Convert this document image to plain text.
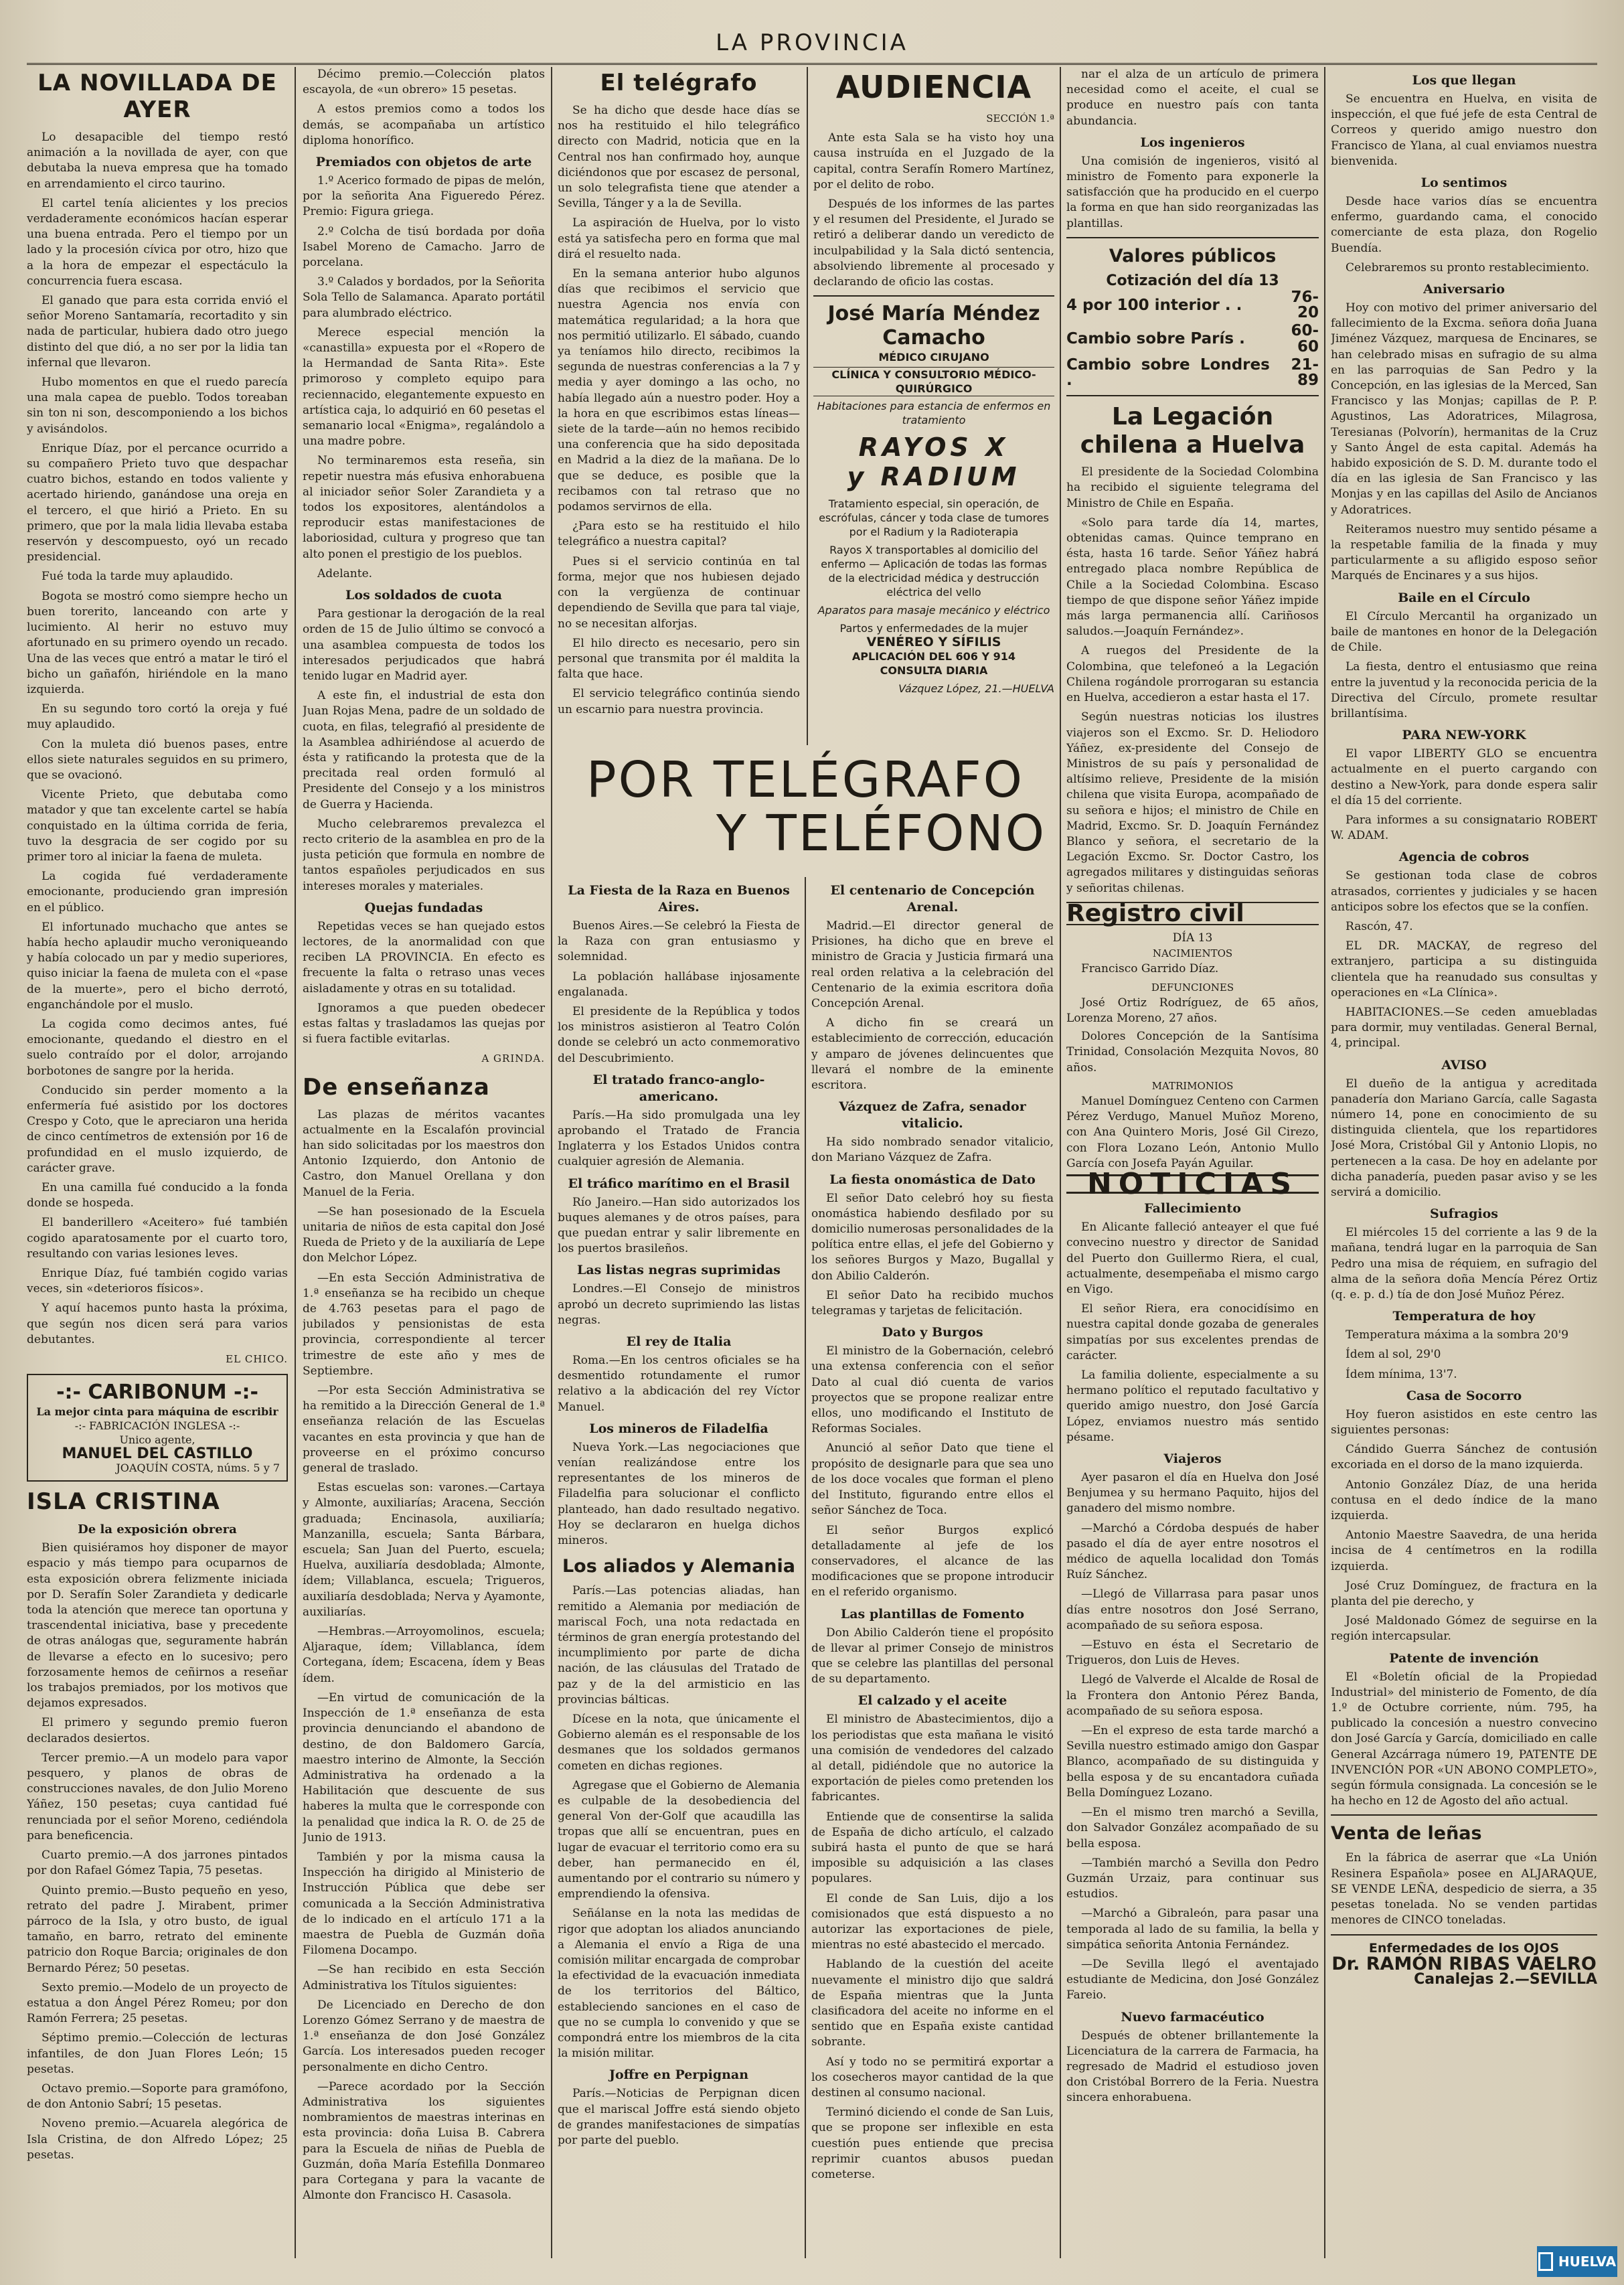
LA PROVINCIA
LA NOVILLADA DE AYER

Lo desapacible del tiempo restó animación a la novillada de ayer, con que debutaba la nueva empresa que ha tomado en arrendamiento el circo taurino.

El cartel tenía alicientes y los precios verdaderamente económicos hacían esperar una buena entrada. Pero el tiempo por un lado y la procesión cívica por otro, hizo que a la hora de empezar el espectáculo la concurrencia fuera escasa.

El ganado que para esta corrida envió el señor Moreno Santamaría, recortadito y sin nada de particular, hubiera dado otro juego distinto del que dió, a no ser por la lidia tan infernal que llevaron.

Hubo momentos en que el ruedo parecía una mala capea de pueblo. Todos toreaban sin ton ni son, descomponiendo a los bichos y avisándolos.

Enrique Díaz, por el percance ocurrido a su compañero Prieto tuvo que despachar cuatro bichos, estando en todos valiente y acertado hiriendo, ganándose una oreja en el tercero, el que hirió a Prieto. En su primero, que por la mala lidia llevaba estaba reservón y descompuesto, oyó un recado presidencial.

Fué toda la tarde muy aplaudido.

Bogota se mostró como siempre hecho un buen torerito, lanceando con arte y lucimiento. Al herir no estuvo muy afortunado en su primero oyendo un recado. Una de las veces que entró a matar le tiró el bicho un gañafón, hiriéndole en la mano izquierda.

En su segundo toro cortó la oreja y fué muy aplaudido.

Con la muleta dió buenos pases, entre ellos siete naturales seguidos en su primero, que se ovacionó.

Vicente Prieto, que debutaba como matador y que tan excelente cartel se había conquistado en la última corrida de feria, tuvo la desgracia de ser cogido por su primer toro al iniciar la faena de muleta.

La cogida fué verdaderamente emocionante, produciendo gran impresión en el público.

El infortunado muchacho que antes se había hecho aplaudir mucho veroniqueando y había colocado un par y medio superiores, quiso iniciar la faena de muleta con el «pase de la muerte», pero el bicho derrotó, enganchándole por el muslo.

La cogida como decimos antes, fué emocionante, quedando el diestro en el suelo contraído por el dolor, arrojando borbotones de sangre por la herida.

Conducido sin perder momento a la enfermería fué asistido por los doctores Crespo y Coto, que le apreciaron una herida de cinco centímetros de extensión por 16 de profundidad en el muslo izquierdo, de carácter grave.

En una camilla fué conducido a la fonda donde se hospeda.

El banderillero «Aceitero» fué también cogido aparatosamente por el cuarto toro, resultando con varias lesiones leves.

Enrique Díaz, fué también cogido varias veces, sin «deterioros físicos».

Y aquí hacemos punto hasta la próxima, que según nos dicen será para varios debutantes.

EL CHICO.
-:- CARIBONUM -:-
La mejor cinta para máquina de escribir
-:- FABRICACIÓN INGLESA -:-
Unico agente,
MANUEL DEL CASTILLO
JOAQUÍN COSTA, núms. 5 y 7
ISLA CRISTINA
De la exposición obrera

Bien quisiéramos hoy disponer de mayor espacio y más tiempo para ocuparnos de esta exposición obrera felizmente iniciada por D. Serafín Soler Zarandieta y dedicarle toda la atención que merece tan oportuna y trascendental iniciativa, base y precedente de otras análogas que, seguramente habrán de llevarse a efecto en lo sucesivo; pero forzosamente hemos de ceñirnos a reseñar los trabajos premiados, por los motivos que dejamos expresados.

El primero y segundo premio fueron declarados desiertos.

Tercer premio.—A un modelo para vapor pesquero, y planos de obras de construcciones navales, de don Julio Moreno Yáñez, 150 pesetas; cuya cantidad fué renunciada por el señor Moreno, cediéndola para beneficencia.

Cuarto premio.—A dos jarrones pintados por don Rafael Gómez Tapia, 75 pesetas.

Quinto premio.—Busto pequeño en yeso, retrato del padre J. Mirabent, primer párroco de la Isla, y otro busto, de igual tamaño, en barro, retrato del eminente patricio don Roque Barcia; originales de don Bernardo Pérez; 50 pesetas.

Sexto premio.—Modelo de un proyecto de estatua a don Ángel Pérez Romeu; por don Ramón Ferrera; 25 pesetas.

Séptimo premio.—Colección de lecturas infantiles, de don Juan Flores León; 15 pesetas.

Octavo premio.—Soporte para gramófono, de don Antonio Sabrí; 15 pesetas.

Noveno premio.—Acuarela alegórica de Isla Cristina, de don Alfredo López; 25 pesetas.

Décimo premio.—Colección platos escayola, de «un obrero» 15 pesetas.

A estos premios como a todos los demás, se acompañaba un artístico diploma honorífico.

Premiados con objetos de arte

1.º Acerico formado de pipas de melón, por la señorita Ana Figueredo Pérez. Premio: Figura griega.

2.º Colcha de tisú bordada por doña Isabel Moreno de Camacho. Jarro de porcelana.

3.º Calados y bordados, por la Señorita Sola Tello de Salamanca. Aparato portátil para alumbrado eléctrico.

Merece especial mención la «canastilla» expuesta por el «Ropero de la Hermandad de Santa Rita». Este primoroso y completo equipo para reciennacido, elegantemente expuesto en artística caja, lo adquirió en 60 pesetas el semanario local «Enigma», regalándolo a una madre pobre.

No terminaremos esta reseña, sin repetir nuestra más efusiva enhorabuena al iniciador señor Soler Zarandieta y a todos los expositores, alentándolos a reproducir estas manifestaciones de laboriosidad, cultura y progreso que tan alto ponen el prestigio de los pueblos.

Adelante.

Los soldados de cuota

Para gestionar la derogación de la real orden de 15 de Julio último se convocó a una asamblea compuesta de todos los interesados perjudicados que habrá tenido lugar en Madrid ayer.

A este fin, el industrial de esta don Juan Rojas Mena, padre de un soldado de cuota, en filas, telegrafió al presidente de la Asamblea adhiriéndose al acuerdo de ésta y ratificando la protesta que de la precitada real orden formuló al Presidente del Consejo y a los ministros de Guerra y Hacienda.

Mucho celebraremos prevalezca el recto criterio de la asamblea en pro de la justa petición que formula en nombre de tantos españoles perjudicados en sus intereses morales y materiales.

Quejas fundadas

Repetidas veces se han quejado estos lectores, de la anormalidad con que reciben LA PROVINCIA. En efecto es frecuente la falta o retraso unas veces aisladamente y otras en su totalidad.

Ignoramos a que pueden obedecer estas faltas y trasladamos las quejas por si fuera factible evitarlas.

A GRINDA.
De enseñanza

Las plazas de méritos vacantes actualmente en la Escalafón provincial han sido solicitadas por los maestros don Antonio Izquierdo, don Antonio de Castro, don Manuel Orellana y don Manuel de la Feria.

—Se han posesionado de la Escuela unitaria de niños de esta capital don José Rueda de Prieto y de la auxiliaría de Lepe don Melchor López.

—En esta Sección Administrativa de 1.ª enseñanza se ha recibido un cheque de 4.763 pesetas para el pago de jubilados y pensionistas de esta provincia, correspondiente al tercer trimestre de este año y mes de Septiembre.

—Por esta Sección Administrativa se ha remitido a la Dirección General de 1.ª enseñanza relación de las Escuelas vacantes en esta provincia y que han de proveerse en el próximo concurso general de traslado.

Estas escuelas son: varones.—Cartaya y Almonte, auxiliarías; Aracena, Sección graduada; Encinasola, auxiliaría; Manzanilla, escuela; Santa Bárbara, escuela; San Juan del Puerto, escuela; Huelva, auxiliaría desdoblada; Almonte, ídem; Villablanca, escuela; Trigueros, auxiliaría desdoblada; Nerva y Ayamonte, auxiliarías.

—Hembras.—Arroyomolinos, escuela; Aljaraque, ídem; Villablanca, ídem Cortegana, ídem; Escacena, ídem y Beas ídem.

—En virtud de comunicación de la Inspección de 1.ª enseñanza de esta provincia denunciando el abandono de destino, de don Baldomero García, maestro interino de Almonte, la Sección Administrativa ha ordenado a la Habilitación que descuente de sus haberes la multa que le corresponde con la penalidad que indica la R. O. de 25 de Junio de 1913.

También y por la misma causa la Inspección ha dirigido al Ministerio de Instrucción Pública que debe ser comunicada a la Sección Administrativa de lo indicado en el artículo 171 a la maestra de Puebla de Guzmán doña Filomena Docampo.

—Se han recibido en esta Sección Administrativa los Títulos siguientes:

De Licenciado en Derecho de don Lorenzo Gómez Serrano y de maestra de 1.ª enseñanza de don José González García. Los interesados pueden recoger personalmente en dicho Centro.

—Parece acordado por la Sección Administrativa los siguientes nombramientos de maestras interinas en esta provincia: doña Luisa B. Cabrera para la Escuela de niñas de Puebla de Guzmán, doña María Estefilla Donmareo para Cortegana y para la vacante de Almonte don Francisco H. Casasola.

El telégrafo

Se ha dicho que desde hace días se nos ha restituido el hilo telegráfico directo con Madrid, noticia que en la Central nos han confirmado hoy, aunque diciéndonos que por escasez de personal, un solo telegrafista tiene que atender a Sevilla, Tánger y a la de Sevilla.

La aspiración de Huelva, por lo visto está ya satisfecha pero en forma que mal dirá el resuelto nada.

En la semana anterior hubo algunos días que recibimos el servicio que nuestra Agencia nos envía con matemática regularidad; a la hora que nos permitió utilizarlo. El sábado, cuando ya teníamos hilo directo, recibimos la segunda de nuestras conferencias a la 7 y media y ayer domingo a las ocho, no había llegado aún a nuestro poder. Hoy a la hora en que escribimos estas líneas—siete de la tarde—aún no hemos recibido una conferencia que ha sido depositada en Madrid a la diez de la mañana. De lo que se deduce, es posible que la recibamos con tal retraso que no podamos servirnos de ella.

¿Para esto se ha restituido el hilo telegráfico a nuestra capital?

Pues si el servicio continúa en tal forma, mejor que nos hubiesen dejado con la vergüenza de continuar dependiendo de Sevilla que para tal viaje, no se necesitan alforjas.

El hilo directo es necesario, pero sin personal que transmita por él maldita la falta que hace.

El servicio telegráfico continúa siendo un escarnio para nuestra provincia.

AUDIENCIA
SECCIÓN 1.ª

Ante esta Sala se ha visto hoy una causa instruída en el Juzgado de la capital, contra Serafín Romero Martínez, por el delito de robo.

Después de los informes de las partes y el resumen del Presidente, el Jurado se retiró a deliberar dando un veredicto de inculpabilidad y la Sala dictó sentencia, absolviendo libremente al procesado y declarando de oficio las costas.

José María Méndez Camacho
MÉDICO CIRUJANO
CLÍNICA Y CONSULTORIO MÉDICO-QUIRÚRGICO
Habitaciones para estancia de enfermos en tratamiento
RAYOS X
y RADIUM
Tratamiento especial, sin operación, de escrófulas, cáncer y toda clase de tumores por el Radium y la Radioterapia
Rayos X transportables al domicilio del enfermo — Aplicación de todas las formas de la electricidad médica y destrucción eléctrica del vello
Aparatos para masaje mecánico y eléctrico
Partos y enfermedades de la mujer
VENÉREO Y SÍFILIS
APLICACIÓN DEL 606 Y 914
CONSULTA DIARIA
Vázquez López, 21.—HUELVA
POR TELÉGRAFO
Y TELÉFONO
La Fiesta de la Raza en Buenos Aires.

Buenos Aires.—Se celebró la Fiesta de la Raza con gran entusiasmo y solemnidad.

La población hallábase injosamente engalanada.

El presidente de la República y todos los ministros asistieron al Teatro Colón donde se celebró un acto conmemorativo del Descubrimiento.

El tratado franco-anglo-americano.

París.—Ha sido promulgada una ley aprobando el Tratado de Francia Inglaterra y los Estados Unidos contra cualquier agresión de Alemania.

El tráfico marítimo en el Brasil

Río Janeiro.—Han sido autorizados los buques alemanes y de otros países, para que puedan entrar y salir libremente en los puertos brasileños.

Las listas negras suprimidas

Londres.—El Consejo de ministros aprobó un decreto suprimiendo las listas negras.

El rey de Italia

Roma.—En los centros oficiales se ha desmentido rotundamente el rumor relativo a la abdicación del rey Víctor Manuel.

Los mineros de Filadelfia

Nueva York.—Las negociaciones que venían realizándose entre los representantes de los mineros de Filadelfia para solucionar el conflicto planteado, han dado resultado negativo. Hoy se declararon en huelga dichos mineros.

Los aliados y Alemania

París.—Las potencias aliadas, han remitido a Alemania por mediación de mariscal Foch, una nota redactada en términos de gran energía protestando del incumplimiento por parte de dicha nación, de las cláusulas del Tratado de paz y de la del armisticio en las provincias bálticas.

Dícese en la nota, que únicamente el Gobierno alemán es el responsable de los desmanes que los soldados germanos cometen en dichas regiones.

Agregase que el Gobierno de Alemania es culpable de la desobediencia del general Von der-Golf que acaudilla las tropas que allí se encuentran, pues en lugar de evacuar el territorio como era su deber, han permanecido en él, aumentando por el contrario su número y emprendiendo la ofensiva.

Señálanse en la nota las medidas de rigor que adoptan los aliados anunciando a Alemania el envío a Riga de una comisión militar encargada de comprobar la efectividad de la evacuación inmediata de los territorios del Báltico, estableciendo sanciones en el caso de que no se cumpla lo convenido y que se compondrá entre los miembros de la cita la misión militar.

Joffre en Perpignan

París.—Noticias de Perpignan dicen que el mariscal Joffre está siendo objeto de grandes manifestaciones de simpatías por parte del pueblo.

El centenario de Concepción Arenal.

Madrid.—El director general de Prisiones, ha dicho que en breve el ministro de Gracia y Justicia firmará una real orden relativa a la celebración del Centenario de la eximia escritora doña Concepción Arenal.

A dicho fin se creará un establecimiento de corrección, educación y amparo de jóvenes delincuentes que llevará el nombre de la eminente escritora.

Vázquez de Zafra, senador vitalicio.

Ha sido nombrado senador vitalicio, don Mariano Vázquez de Zafra.

La fiesta onomástica de Dato

El señor Dato celebró hoy su fiesta onomástica habiendo desfilado por su domicilio numerosas personalidades de la política entre ellas, el jefe del Gobierno y los señores Burgos y Mazo, Bugallal y don Abilio Calderón.

El señor Dato ha recibido muchos telegramas y tarjetas de felicitación.

Dato y Burgos

El ministro de la Gobernación, celebró una extensa conferencia con el señor Dato al cual dió cuenta de varios proyectos que se propone realizar entre ellos, uno modificando el Instituto de Reformas Sociales.

Anunció al señor Dato que tiene el propósito de designarle para que sea uno de los doce vocales que forman el pleno del Instituto, figurando entre ellos el señor Sánchez de Toca.

El señor Burgos explicó detalladamente al jefe de los conservadores, el alcance de las modificaciones que se propone introducir en el referido organismo.

Las plantillas de Fomento

Don Abilio Calderón tiene el propósito de llevar al primer Consejo de ministros que se celebre las plantillas del personal de su departamento.

El calzado y el aceite

El ministro de Abastecimientos, dijo a los periodistas que esta mañana le visitó una comisión de vendedores del calzado al detall, pidiéndole que no autorice la exportación de pieles como pretenden los fabricantes.

Entiende que de consentirse la salida de España de dicho artículo, el calzado subirá hasta el punto de que se hará imposible su adquisición a las clases populares.

El conde de San Luis, dijo a los comisionados que está dispuesto a no autorizar las exportaciones de piele, mientras no esté abastecido el mercado.

Hablando de la cuestión del aceite nuevamente el ministro dijo que saldrá de España mientras que la Junta clasificadora del aceite no informe en el sentido que en España existe cantidad sobrante.

Así y todo no se permitirá exportar a los cosecheros mayor cantidad de la que destinen al consumo nacional.

Terminó diciendo el conde de San Luis, que se propone ser inflexible en esta cuestión pues entiende que precisa reprimir cuantos abusos puedan cometerse.

nar el alza de un artículo de primera necesidad como el aceite, el cual se produce en nuestro país con tanta abundancia.

Los ingenieros

Una comisión de ingenieros, visitó al ministro de Fomento para exponerle la satisfacción que ha producido en el cuerpo la forma en que han sido reorganizadas las plantillas.

Valores públicos
Cotización del día 13
4 por 100 interior . .	76-20
Cambio sobre París .	60-60
Cambio sobre Londres .	21-89
La Legación chilena a Huelva

El presidente de la Sociedad Colombina ha recibido el siguiente telegrama del Ministro de Chile en España.

«Solo para tarde día 14, martes, obtenidas camas. Quince temprano en ésta, hasta 16 tarde. Señor Yáñez habrá entregado placa nombre República de Chile a la Sociedad Colombina. Escaso tiempo de que dispone señor Yáñez impide más larga permanencia allí. Cariñosos saludos.—Joaquín Fernández».

A ruegos del Presidente de la Colombina, que telefoneó a la Legación Chilena rogándole prorrogaran su estancia en Huelva, accedieron a estar hasta el 17.

Según nuestras noticias los ilustres viajeros son el Excmo. Sr. D. Heliodoro Yáñez, ex-presidente del Consejo de Ministros de su país y personalidad de altísimo relieve, Presidente de la misión chilena que visita Europa, acompañado de su señora e hijos; el ministro de Chile en Madrid, Excmo. Sr. D. Joaquín Fernández Blanco y señora, el secretario de la Legación Excmo. Sr. Doctor Castro, los agregados militares y distinguidas señoras y señoritas chilenas.

Registro civil
DÍA 13
NACIMIENTOS

Francisco Garrido Díaz.

DEFUNCIONES

José Ortiz Rodríguez, de 65 años, Lorenza Moreno, 27 años.

Dolores Concepción de la Santísima Trinidad, Consolación Mezquita Novos, 80 años.

MATRIMONIOS

Manuel Domínguez Centeno con Carmen Pérez Verdugo, Manuel Muñoz Moreno, con Ana Quintero Moris, José Gil Cirezo, con Flora Lozano León, Antonio Mullo García con Josefa Payán Aguilar.

NOTICIAS
Fallecimiento

En Alicante falleció anteayer el que fué convecino nuestro y director de Sanidad del Puerto don Guillermo Riera, el cual, actualmente, desempeñaba el mismo cargo en Vigo.

El señor Riera, era conocidísimo en nuestra capital donde gozaba de generales simpatías por sus excelentes prendas de carácter.

La familia doliente, especialmente a su hermano político el reputado facultativo y querido amigo nuestro, don José García López, enviamos nuestro más sentido pésame.

Viajeros

Ayer pasaron el día en Huelva don José Benjumea y su hermano Paquito, hijos del ganadero del mismo nombre.

—Marchó a Córdoba después de haber pasado el día de ayer entre nosotros el médico de aquella localidad don Tomás Ruíz Sánchez.

—Llegó de Villarrasa para pasar unos días entre nosotros don José Serrano, acompañado de su señora esposa.

—Estuvo en ésta el Secretario de Trigueros, don Luis de Heves.

Llegó de Valverde el Alcalde de Rosal de la Frontera don Antonio Pérez Banda, acompañado de su señora esposa.

—En el expreso de esta tarde marchó a Sevilla nuestro estimado amigo don Gaspar Blanco, acompañado de su distinguida y bella esposa y de su encantadora cuñada Bella Domínguez Lozano.

—En el mismo tren marchó a Sevilla, don Salvador González acompañado de su bella esposa.

—También marchó a Sevilla don Pedro Guzmán Urzaiz, para continuar sus estudios.

—Marchó a Gibraleón, para pasar una temporada al lado de su familia, la bella y simpática señorita Antonia Fernández.

—De Sevilla llegó el aventajado estudiante de Medicina, don José González Fareio.

Nuevo farmacéutico

Después de obtener brillantemente la Licenciatura de la carrera de Farmacia, ha regresado de Madrid el estudioso joven don Cristóbal Borrero de la Feria. Nuestra sincera enhorabuena.

Los que llegan

Se encuentra en Huelva, en visita de inspección, el que fué jefe de esta Central de Correos y querido amigo nuestro don Francisco de Ylana, al cual enviamos nuestra bienvenida.

Lo sentimos

Desde hace varios días se encuentra enfermo, guardando cama, el conocido comerciante de esta plaza, don Rogelio Buendía.

Celebraremos su pronto restablecimiento.

Aniversario

Hoy con motivo del primer aniversario del fallecimiento de la Excma. señora doña Juana Jiménez Vázquez, marquesa de Encinares, se han celebrado misas en sufragio de su alma en las parroquias de San Pedro y la Concepción, en las iglesias de la Merced, San Francisco y las Monjas; capillas de P. P. Agustinos, Las Adoratrices, Milagrosa, Teresianas (Polvorín), hermanitas de la Cruz y Santo Ángel de esta capital. Además ha habido exposición de S. D. M. durante todo el día en las iglesia de San Francisco y las Monjas y en las capillas del Asilo de Ancianos y Adoratrices.

Reiteramos nuestro muy sentido pésame a la respetable familia de la finada y muy particularmente a su afligido esposo señor Marqués de Encinares y a sus hijos.

Baile en el Círculo

El Círculo Mercantil ha organizado un baile de mantones en honor de la Delegación de Chile.

La fiesta, dentro el entusiasmo que reina entre la juventud y la reconocida pericia de la Directiva del Círculo, promete resultar brillantísima.

PARA NEW-YORK

El vapor LIBERTY GLO se encuentra actualmente en el puerto cargando con destino a New-York, para donde espera salir el día 15 del corriente.

Para informes a su consignatario ROBERT W. ADAM.

Agencia de cobros

Se gestionan toda clase de cobros atrasados, corrientes y judiciales y se hacen anticipos sobre los efectos que se la confíen.

Rascón, 47.

EL DR. MACKAY, de regreso del extranjero, participa a su distinguida clientela que ha reanudado sus consultas y operaciones en «La Clínica».

HABITACIONES.—Se ceden amuebladas para dormir, muy ventiladas. General Bernal, 4, principal.

AVISO

El dueño de la antigua y acreditada panadería don Mariano García, calle Sagasta número 14, pone en conocimiento de su distinguida clientela, que los repartidores José Mora, Cristóbal Gil y Antonio Llopis, no pertenecen a la casa. De hoy en adelante por dicha panadería, pueden pasar aviso y se les servirá a domicilio.

Sufragios

El miércoles 15 del corriente a las 9 de la mañana, tendrá lugar en la parroquia de San Pedro una misa de réquiem, en sufragio del alma de la señora doña Mencía Pérez Ortiz (q. e. p. d.) tía de don José Muñoz Pérez.

Temperatura de hoy

Temperatura máxima a la sombra 20'9

Ídem al sol, 29'0

Ídem mínima, 13'7.

Casa de Socorro

Hoy fueron asistidos en este centro las siguientes personas:

Cándido Guerra Sánchez de contusión excoriada en el dorso de la mano izquierda.

Antonio González Díaz, de una herida contusa en el dedo índice de la mano izquierda.

Antonio Maestre Saavedra, de una herida incisa de 4 centímetros en la rodilla izquierda.

José Cruz Domínguez, de fractura en la planta del pie derecho, y

José Maldonado Gómez de seguirse en la región intercapsular.

Patente de invención

El «Boletín oficial de la Propiedad Industrial» del ministerio de Fomento, de día 1.º de Octubre corriente, núm. 795, ha publicado la concesión a nuestro convecino don José García y García, domiciliado en calle General Azcárraga número 19, PATENTE DE INVENCIÓN POR «UN ABONO COMPLETO», según fórmula consignada. La concesión se le ha hecho en 12 de Agosto del año actual.

Venta de leñas

En la fábrica de aserrar que «La Unión Resinera Española» posee en ALJARAQUE, SE VENDE LEÑA, despedicio de sierra, a 35 pesetas tonelada. No se venden partidas menores de CINCO toneladas.

Enfermedades de los OJOS
Dr. RAMÓN RIBAS VAELRO
Canalejas 2.—SEVILLA
HUELVA
